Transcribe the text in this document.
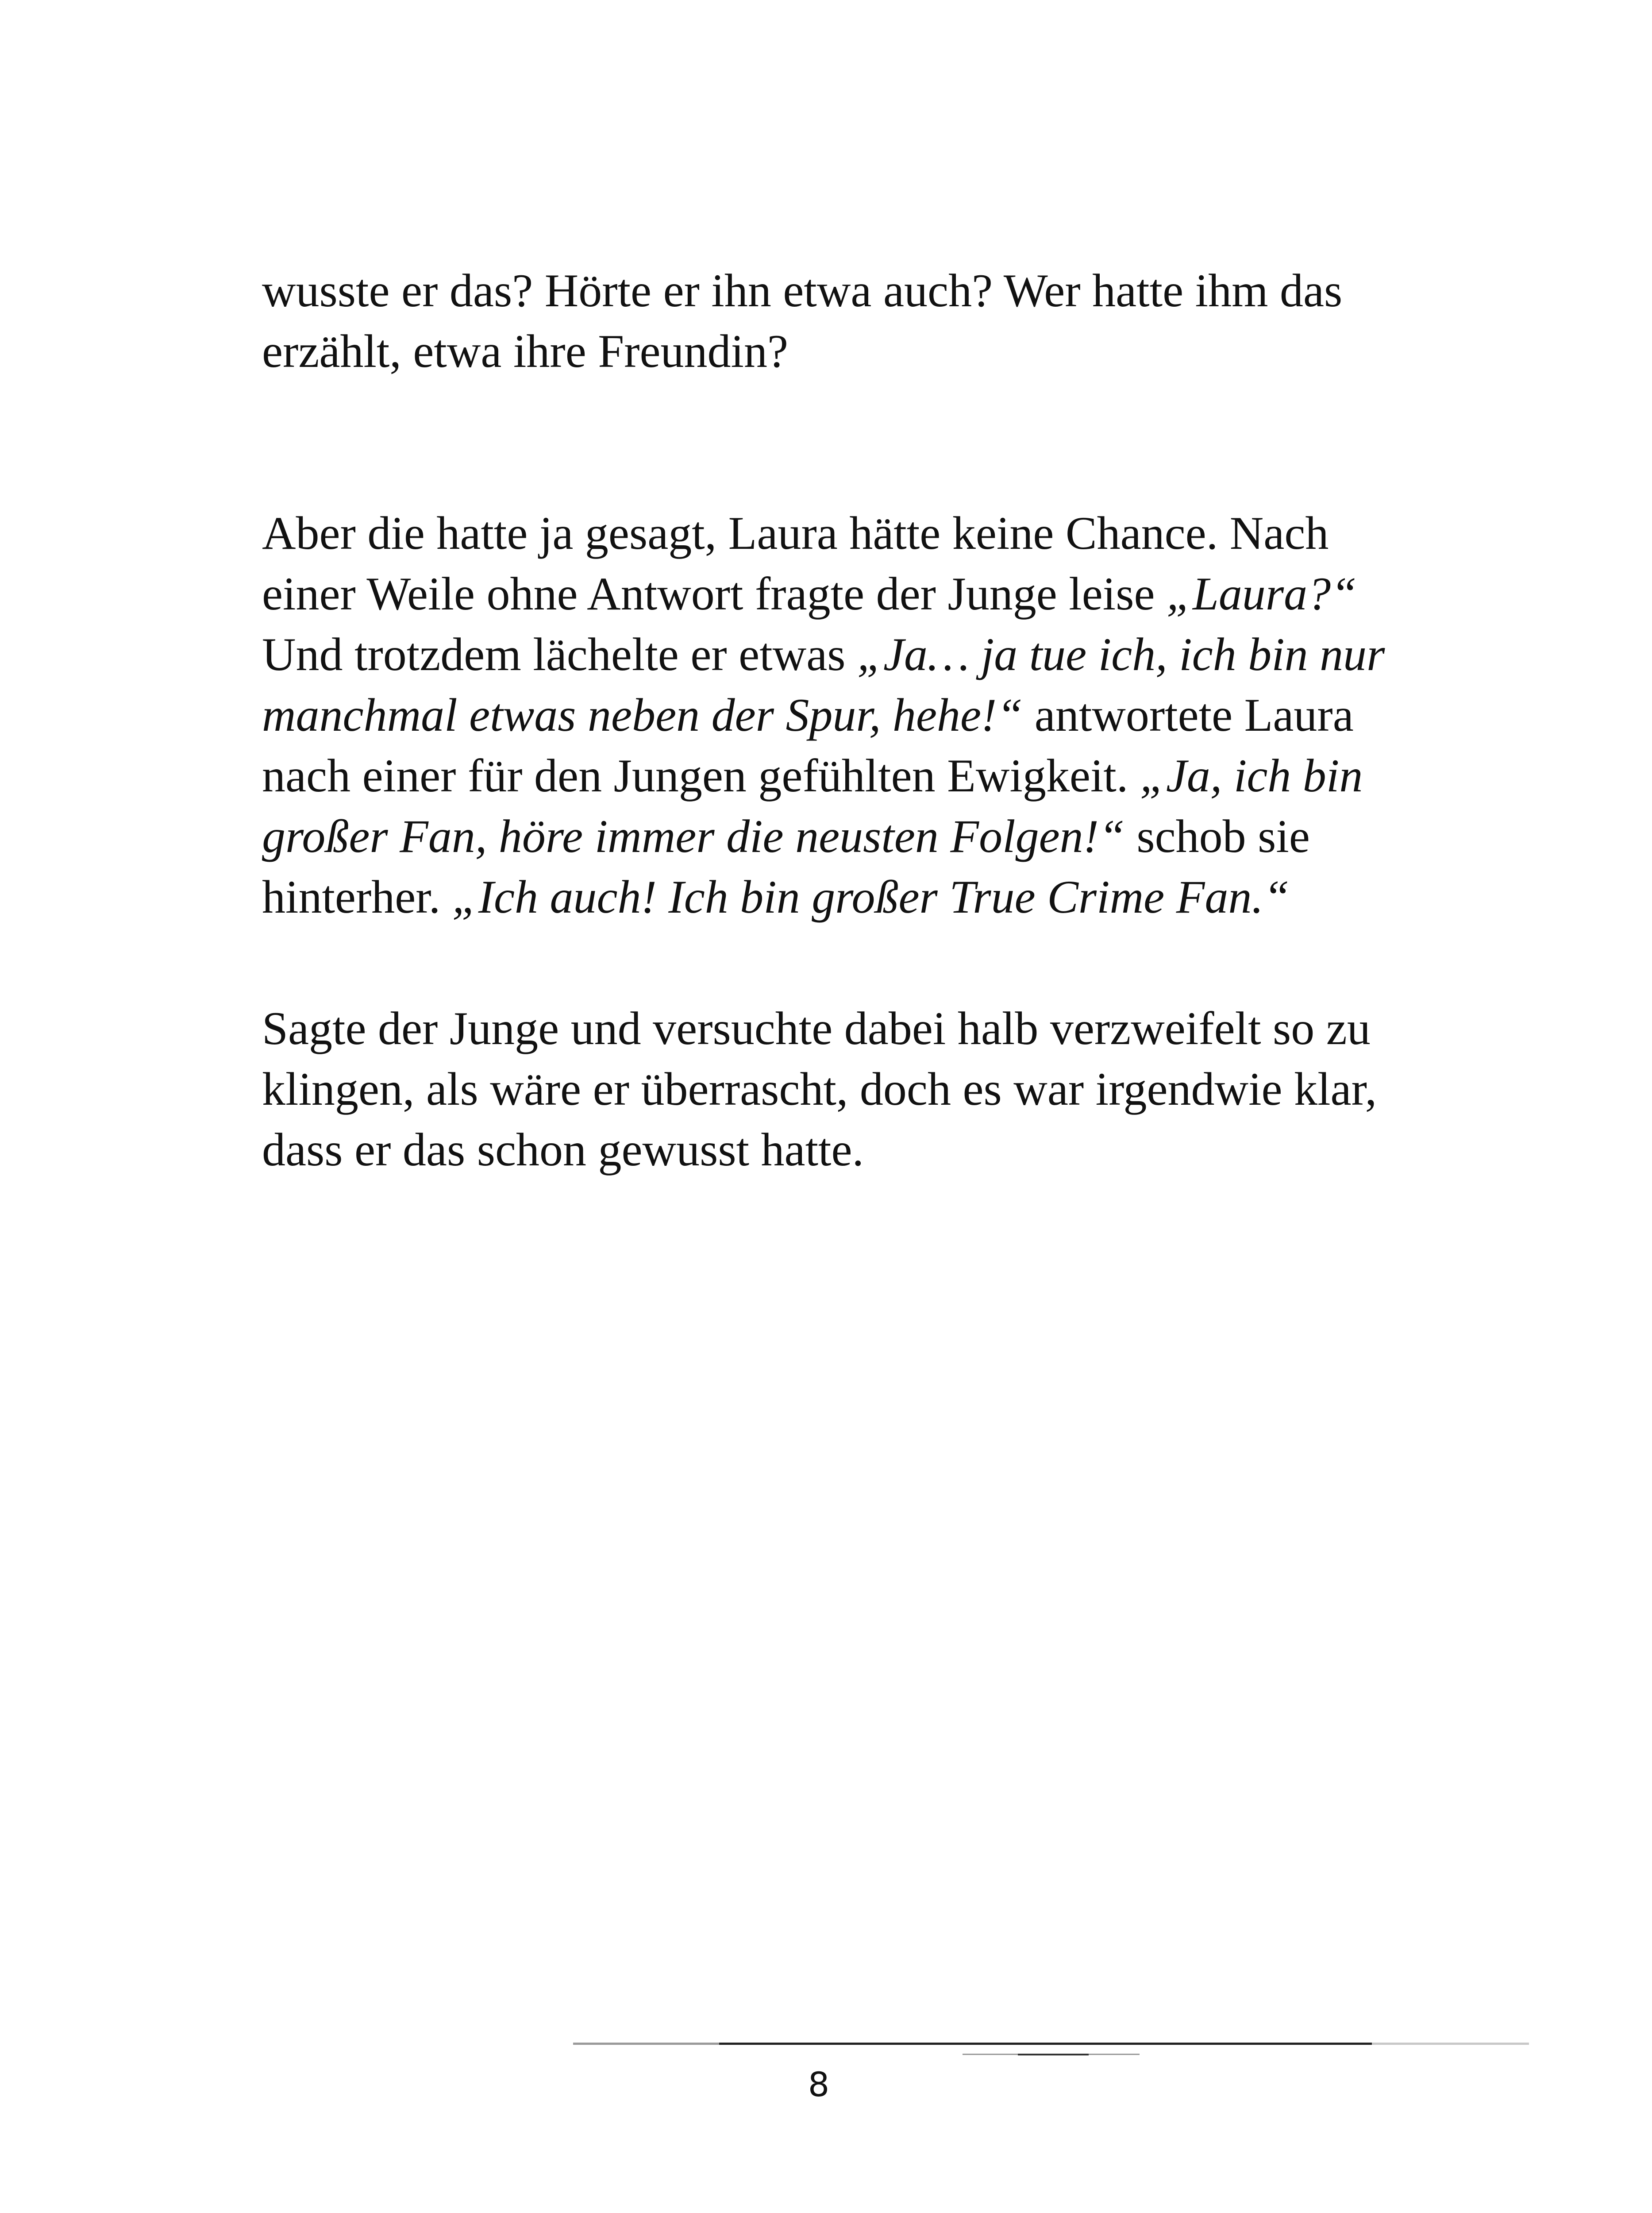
wusste er das? Hörte er ihn etwa auch? Wer hatte ihm das erzählt, etwa ihre Freundin?

Aber die hatte ja gesagt, Laura hätte keine Chance. Nach einer Weile ohne Antwort fragte der Junge leise „Laura?“ Und trotzdem lächelte er etwas „Ja… ja tue ich, ich bin nur manchmal etwas neben der Spur, hehe!“ antwortete Laura nach einer für den Jungen gefühlten Ewigkeit. „Ja, ich bin großer Fan, höre immer die neusten Folgen!“ schob sie hinterher. „Ich auch! Ich bin großer True Crime Fan.“

Sagte der Junge und versuchte dabei halb verzweifelt so zu klingen, als wäre er überrascht, doch es war irgendwie klar, dass er das schon gewusst hatte.

8
